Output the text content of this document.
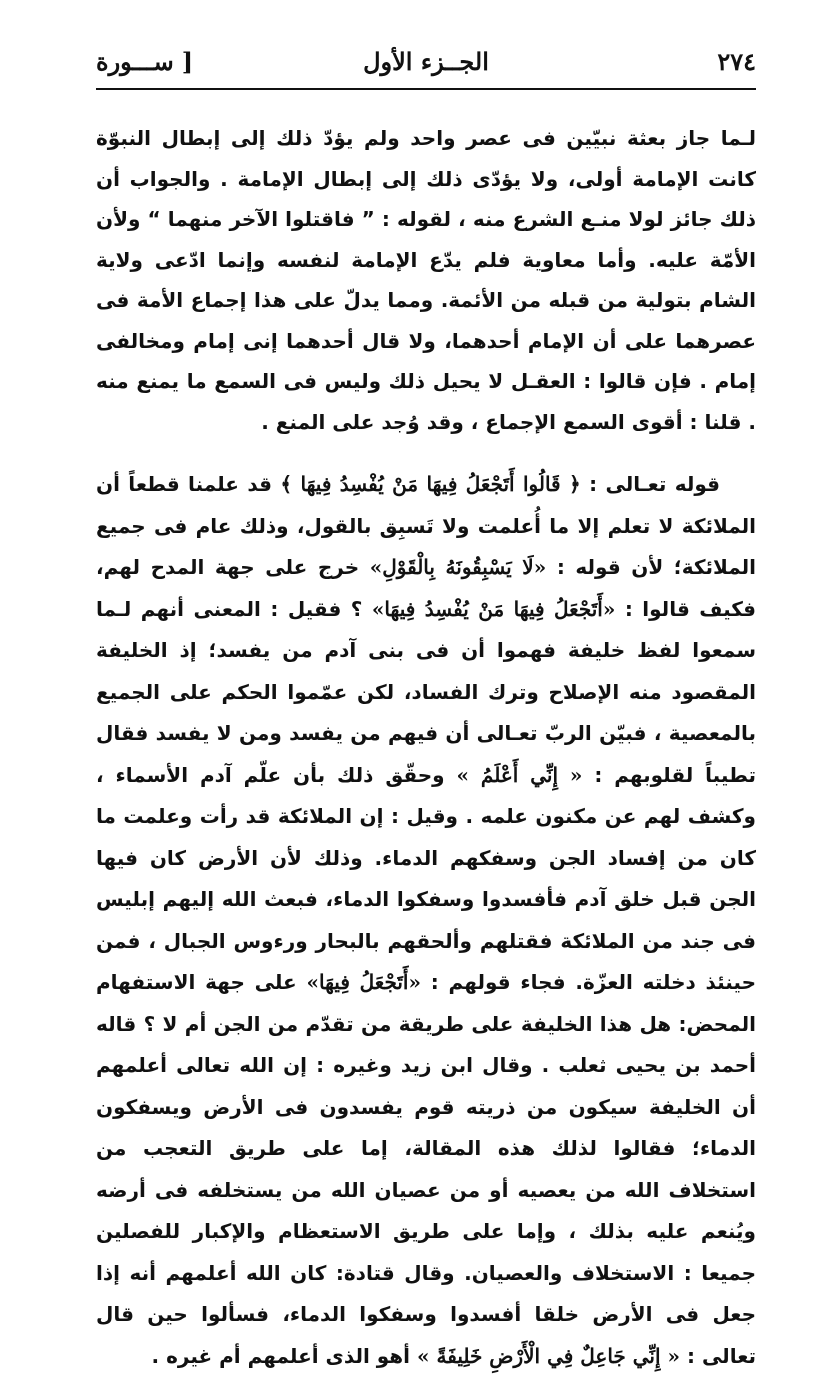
٢٧٤
الجــزء الأول
[ســـورة

لـما جاز بعثة نبيّين فى عصر واحد ولم يؤدّ ذلك إلى إبطال النبوّة كانت الإمامة أولى، ولا يؤدّى ذلك إلى إبطال الإمامة . والجواب أن ذلك جائز لولا منـع الشرع منه ، لقوله : ” فاقتلوا الآخر منهما “ ولأن الأمّة عليه. وأما معاوية فلم يدّع الإمامة لنفسه وإنما ادّعى ولاية الشام بتولية من قبله من الأئمة. ومما يدلّ على هذا إجماع الأمة فى عصرهما على أن الإمام أحدهما، ولا قال أحدهما إنى إمام ومخالفى إمام . فإن قالوا : العقـل لا يحيل ذلك وليس فى السمع ما يمنع منه . قلنا : أقوى السمع الإجماع ، وقد وُجد على المنع .

قوله تعـالى : ﴿ قَالُوا أَتَجْعَلُ فِيهَا مَنْ يُفْسِدُ فِيهَا ﴾ قد علمنا قطعاً أن الملائكة لا تعلم إلا ما أُعلمت ولا تَسبِق بالقول، وذلك عام فى جميع الملائكة؛ لأن قوله : «لَا يَسْبِقُونَهُ بِالْقَوْلِ» خرج على جهة المدح لهم، فكيف قالوا : «أَتَجْعَلُ فِيهَا مَنْ يُفْسِدُ فِيهَا» ؟ فقيل : المعنى أنهم لـما سمعوا لفظ خليفة فهموا أن فى بنى آدم من يفسد؛ إذ الخليفة المقصود منه الإصلاح وترك الفساد، لكن عمّموا الحكم على الجميع بالمعصية ، فبيّن الربّ تعـالى أن فيهم من يفسد ومن لا يفسد فقال تطيباً لقلوبهم : « إِنِّي أَعْلَمُ » وحقّق ذلك بأن علّم آدم الأسماء ، وكشف لهم عن مكنون علمه . وقيل : إن الملائكة قد رأت وعلمت ما كان من إفساد الجن وسفكهم الدماء. وذلك لأن الأرض كان فيها الجن قبل خلق آدم فأفسدوا وسفكوا الدماء، فبعث الله إليهم إبليس فى جند من الملائكة فقتلهم وألحقهم بالبحار ورءوس الجبال ، فمن حينئذ دخلته العزّة. فجاء قولهم : «أَتَجْعَلُ فِيهَا» على جهة الاستفهام المحض: هل هذا الخليفة على طريقة من تقدّم من الجن أم لا ؟ قاله أحمد بن يحيى ثعلب . وقال ابن زيد وغيره : إن الله تعالى أعلمهم أن الخليفة سيكون من ذريته قوم يفسدون فى الأرض ويسفكون الدماء؛ فقالوا لذلك هذه المقالة، إما على طريق التعجب من استخلاف الله من يعصيه أو من عصيان الله من يستخلفه فى أرضه ويُنعم عليه بذلك ، وإما على طريق الاستعظام والإكبار للفصلين جميعا : الاستخلاف والعصيان. وقال قتادة: كان الله أعلمهم أنه إذا جعل فى الأرض خلقا أفسدوا وسفكوا الدماء، فسألوا حين قال تعالى : « إِنِّي جَاعِلٌ فِي الْأَرْضِ خَلِيفَةً » أهو الذى أعلمهم أم غيره .
